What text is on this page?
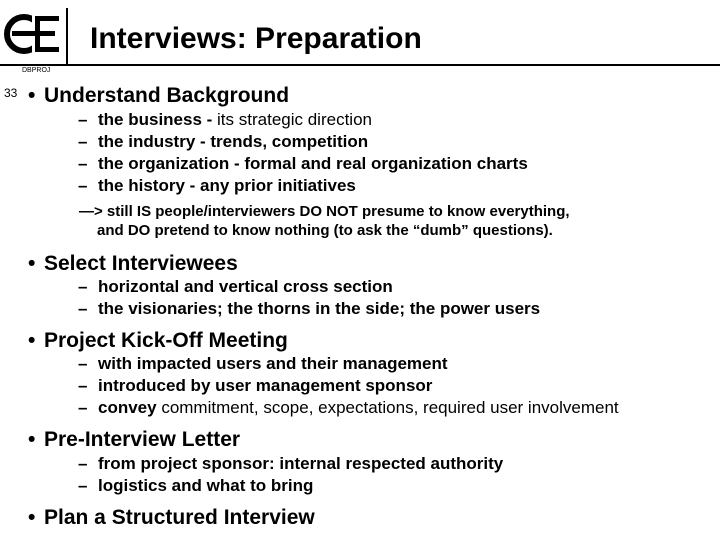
Interviews: Preparation
DBPROJ
33
• Understand Background
– the business - its strategic direction
– the industry - trends, competition
– the organization - formal and real organization charts
– the history - any prior initiatives
—> still IS people/interviewers DO NOT presume to know everything,
and DO pretend to know nothing (to ask the “dumb” questions).
• Select Interviewees
– horizontal and vertical cross section
– the visionaries; the thorns in the side; the power users
• Project Kick-Off Meeting
– with impacted users and their management
– introduced by user management sponsor
– convey commitment, scope, expectations, required user involvement
• Pre-Interview Letter
– from project sponsor: internal respected authority
– logistics and what to bring
• Plan a Structured Interview
